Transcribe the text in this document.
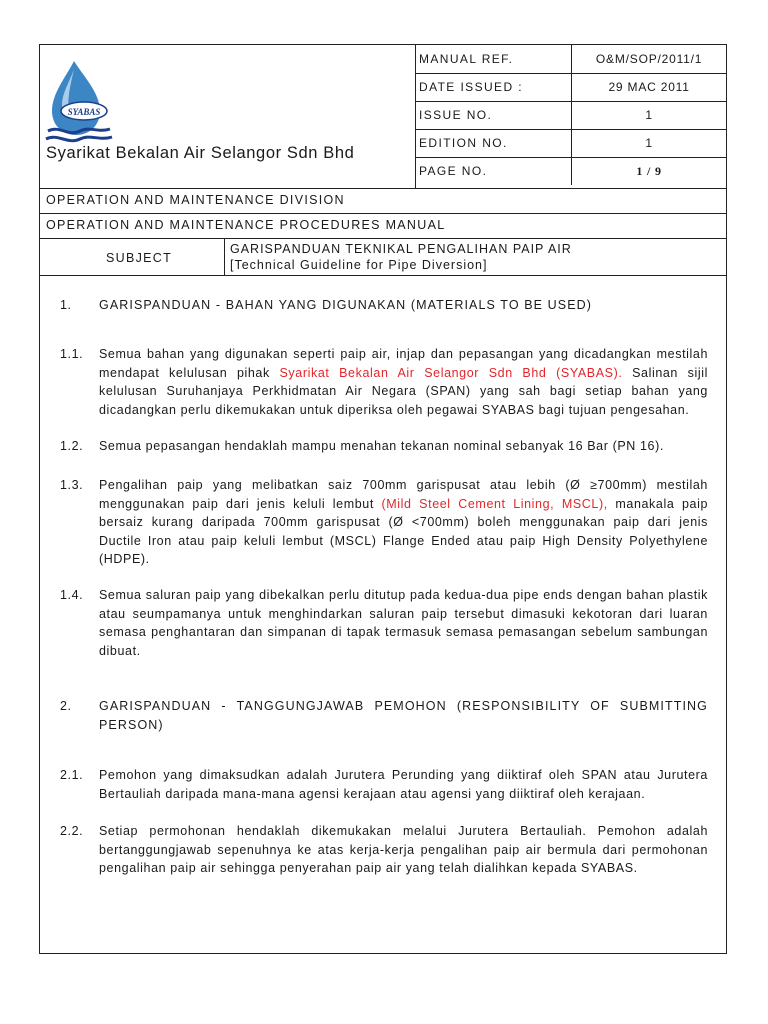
SYABAS
Syarikat Bekalan Air Selangor Sdn Bhd
MANUAL REF.	O&M/SOP/2011/1
DATE ISSUED :	29 MAC 2011
ISSUE NO.	1
EDITION NO.	1
PAGE NO.	1 / 9
OPERATION AND MAINTENANCE DIVISION
OPERATION AND MAINTENANCE PROCEDURES MANUAL
SUBJECT
GARISPANDUAN TEKNIKAL PENGALIHAN PAIP AIR
[Technical Guideline for Pipe Diversion]
1. GARISPANDUAN - BAHAN YANG DIGUNAKAN (MATERIALS TO BE USED)
1.1. Semua bahan yang digunakan seperti paip air, injap dan pepasangan yang dicadangkan mestilah mendapat kelulusan pihak Syarikat Bekalan Air Selangor Sdn Bhd (SYABAS). Salinan sijil kelulusan Suruhanjaya Perkhidmatan Air Negara (SPAN) yang sah bagi setiap bahan yang dicadangkan perlu dikemukakan untuk diperiksa oleh pegawai SYABAS bagi tujuan pengesahan.
1.2. Semua pepasangan hendaklah mampu menahan tekanan nominal sebanyak 16 Bar (PN 16).
1.3. Pengalihan paip yang melibatkan saiz 700mm garispusat atau lebih (Ø ≥700mm) mestilah menggunakan paip dari jenis keluli lembut (Mild Steel Cement Lining, MSCL), manakala paip bersaiz kurang daripada 700mm garispusat (Ø <700mm) boleh menggunakan paip dari jenis Ductile Iron atau paip keluli lembut (MSCL) Flange Ended atau paip High Density Polyethylene (HDPE).
1.4. Semua saluran paip yang dibekalkan perlu ditutup pada kedua-dua pipe ends dengan bahan plastik atau seumpamanya untuk menghindarkan saluran paip tersebut dimasuki kekotoran dari luaran semasa penghantaran dan simpanan di tapak termasuk semasa pemasangan sebelum sambungan dibuat.
2. GARISPANDUAN - TANGGUNGJAWAB PEMOHON (RESPONSIBILITY OF SUBMITTING PERSON)
2.1. Pemohon yang dimaksudkan adalah Jurutera Perunding yang diiktiraf oleh SPAN atau Jurutera Bertauliah daripada mana-mana agensi kerajaan atau agensi yang diiktiraf oleh kerajaan.
2.2. Setiap permohonan hendaklah dikemukakan melalui Jurutera Bertauliah. Pemohon adalah bertanggungjawab sepenuhnya ke atas kerja-kerja pengalihan paip air bermula dari permohonan pengalihan paip air sehingga penyerahan paip air yang telah dialihkan kepada SYABAS.
